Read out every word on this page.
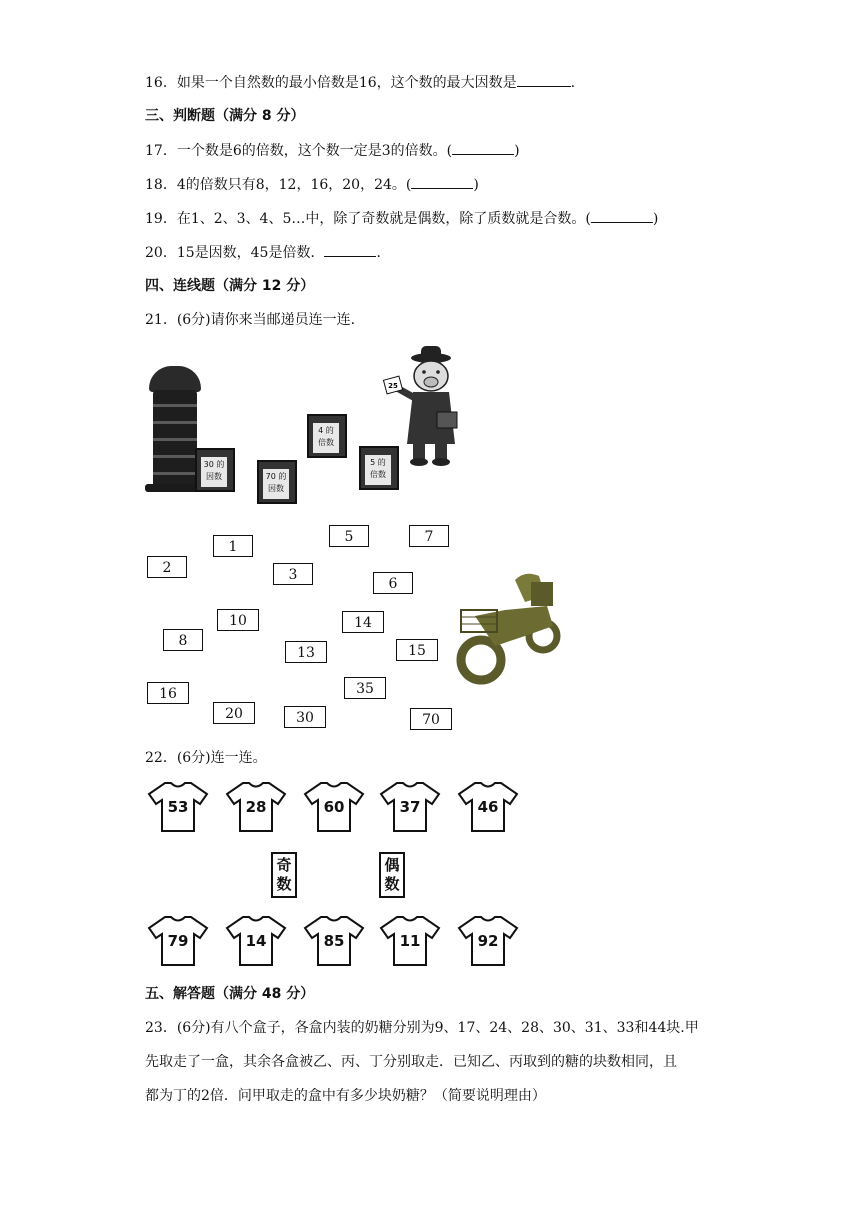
16．如果一个自然数的最小倍数是16，这个数的最大因数是	.
三、判断题（满分 8 分）
17．一个数是6的倍数，这个数一定是3的倍数。(	)
18．4的倍数只有8，12，16，20，24。(	)
19．在1、2、3、4、5…中，除了奇数就是偶数，除了质数就是合数。(	)
20．15是因数，45是倍数．	.
四、连线题（满分 12 分）
21．(6分)请你来当邮递员连一连.
30 的
因数	70 的
因数
4 的
倍数
5 的
倍数
25
2
1
3
5
6
7
8
10
13
14
15
16
20	30
35
70
22．(6分)连一连。
53	28	60	37	46
奇
数
偶
数
79	14	85	11	92
五、解答题（满分 48 分）
23．(6分)有八个盒子，各盒内装的奶糖分别为9、17、24、28、30、31、33和44块.甲
先取走了一盒，其余各盒被乙、丙、丁分别取走．已知乙、丙取到的糖的块数相同，且
都为丁的2倍．问甲取走的盒中有多少块奶糖？（简要说明理由）
